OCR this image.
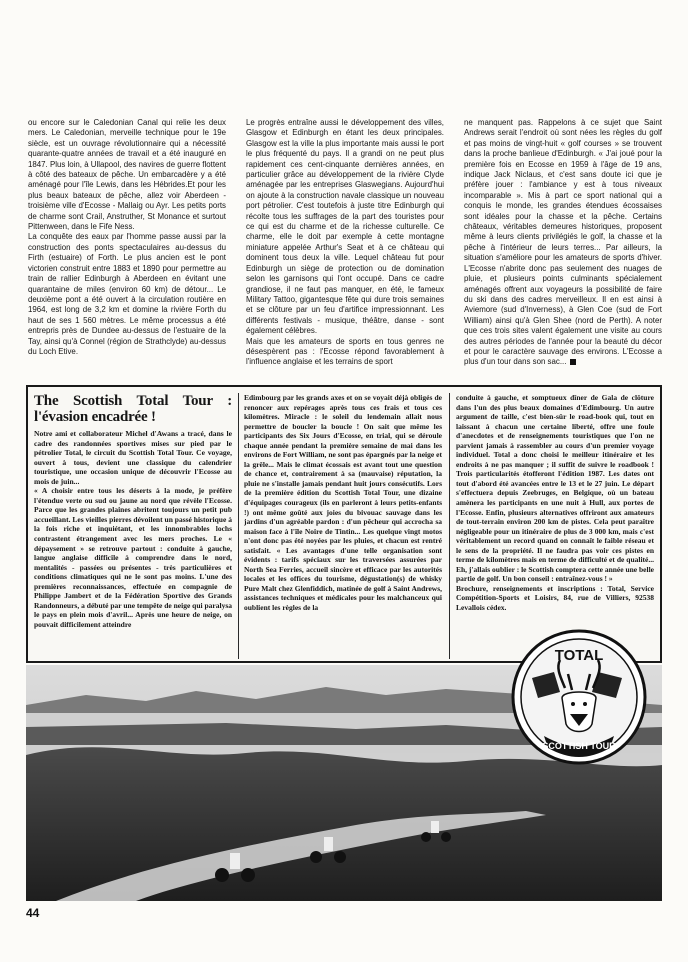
ou encore sur le Caledonian Canal qui relie les deux mers. Le Caledonian, merveille technique pour le 19e siècle, est un ouvrage révolutionnaire qui a nécessité quarante-quatre années de travail et a été inauguré en 1847. Plus loin, à Ullapool, des navires de guerre flottent à côté des bateaux de pêche. Un embarcadère y a été aménagé pour l'île Lewis, dans les Hébrides.Et pour les plus beaux bateaux de pêche, allez voir Aberdeen - troisième ville d'Ecosse - Mallaig ou Ayr. Les petits ports de charme sont Crail, Anstruther, St Monance et surtout Pittenween, dans le Fife Ness.

La conquête des eaux par l'homme passe aussi par la construction des ponts spectaculaires au-dessus du Firth (estuaire) of Forth. Le plus ancien est le pont victorien construit entre 1883 et 1890 pour permettre au train de rallier Edinburgh à Aberdeen en évitant une quarantaine de miles (environ 60 km) de détour... Le deuxième pont a été ouvert à la circulation routière en 1964, est long de 3,2 km et domine la rivière Forth du haut de ses 1 560 mètres. Le même processus a été entrepris près de Dundee au-dessus de l'estuaire de la Tay, ainsi qu'à Connel (région de Strathclyde) au-dessus du Loch Etive.

Le progrès entraîne aussi le développement des villes, Glasgow et Edinburgh en étant les deux principales. Glasgow est la ville la plus importante mais aussi le port le plus fréquenté du pays. Il a grandi on ne peut plus rapidement ces cent-cinquante dernières années, en particulier grâce au développement de la rivière Clyde aménagée par les entreprises Glaswegians. Aujourd'hui on ajoute à la construction navale classique un nouveau port pétrolier. C'est toutefois à juste titre Edinburgh qui récolte tous les suffrages de la part des touristes pour ce qui est du charme et de la richesse culturelle. Ce charme, elle le doit par exemple à cette montagne miniature appelée Arthur's Seat et à ce château qui dominent tous deux la ville. Lequel château fut pour Edinburgh un siège de protection ou de domination selon les garnisons qui l'ont occupé. Dans ce cadre grandiose, il ne faut pas manquer, en été, le fameux Military Tattoo, gigantesque fête qui dure trois semaines et se clôture par un feu d'artifice impressionnant. Les différents festivals - musique, théâtre, danse - sont également célèbres.

Mais que les amateurs de sports en tous genres ne désespèrent pas : l'Ecosse répond favorablement à l'influence anglaise et les terrains de sport

ne manquent pas. Rappelons à ce sujet que Saint Andrews serait l'endroit où sont nées les règles du golf et pas moins de vingt-huit « golf courses » se trouvent dans la proche banlieue d'Edinburgh. « J'ai joué pour la première fois en Ecosse en 1959 à l'âge de 19 ans, indique Jack Niclaus, et c'est sans doute ici que je préfère jouer : l'ambiance y est à tous niveaux incomparable ». Mis à part ce sport national qui a conquis le monde, les grandes étendues écossaises sont idéales pour la chasse et la pêche. Certains châteaux, véritables demeures historiques, proposent même à leurs clients privilégiés le golf, la chasse et la pêche à l'intérieur de leurs terres... Par ailleurs, la situation s'améliore pour les amateurs de sports d'hiver. L'Ecosse n'abrite donc pas seulement des nuages de pluie, et plusieurs points culminants spécialement aménagés offrent aux voyageurs la possibilité de faire du ski dans des cadres merveilleux. Il en est ainsi à Aviemore (sud d'Inverness), à Glen Coe (sud de Fort William) ainsi qu'à Glen Shee (nord de Perth). A noter que ces trois sites valent également une visite au cours des autres périodes de l'année pour la beauté du décor et pour le caractère sauvage des environs. L'Ecosse a plus d'un tour dans son sac...

The Scottish Total Tour : l'évasion encadrée !

Notre ami et collaborateur Michel d'Awans a tracé, dans le cadre des randonnées sportives mises sur pied par le pétrolier Total, le circuit du Scottish Total Tour. Ce voyage, ouvert à tous, devient une classique du calendrier touristique, une occasion unique de découvrir l'Ecosse au mois de juin...

« A choisir entre tous les déserts à la mode, je préfère l'étendue verte ou sud ou jaune au nord que révèle l'Ecosse. Parce que les grandes plaines abritent toujours un petit pub accueillant. Les vieilles pierres dévoilent un passé historique à la fois riche et inquiétant, et les innombrables lochs contrastent étrangement avec les mers proches. Le « dépaysement » se retrouve partout : conduite à gauche, langue anglaise difficile à comprendre dans le nord, mentalités - passées ou présentes - très particulières et conditions climatiques qui ne le sont pas moins. L'une des premières reconnaissances, effectuée en compagnie de Philippe Jambert et de la Fédération Sportive des Grands Randonneurs, a débuté par une tempête de neige qui paralysa le pays en plein mois d'avril... Après une heure de neige, on pouvait difficilement atteindre

Edimbourg par les grands axes et on se voyait déjà obligés de renoncer aux repérages après tous ces frais et tous ces kilomètres. Miracle : le soleil du lendemain allait nous permettre de boucler la boucle ! On sait que même les participants des Six Jours d'Ecosse, en trial, qui se déroule chaque année pendant la première semaine de mai dans les environs de Fort William, ne sont pas épargnés par la neige et la grêle... Mais le climat écossais est avant tout une question de chance et, contrairement à sa (mauvaise) réputation, la pluie ne s'installe jamais pendant huit jours consécutifs. Lors de la première édition du Scottish Total Tour, une dizaine d'équipages courageux (ils en parleront à leurs petits-enfants !) ont même goûté aux joies du bivouac sauvage dans les jardins d'un agréable pardon : d'un pêcheur qui accrocha sa maison face à l'île Noire de Tintin... Les quelque vingt motos n'ont donc pas été noyées par les pluies, et chacun est rentré satisfait. « Les avantages d'une telle organisation sont évidents : tarifs spéciaux sur les traversées assurées par North Sea Ferries, accueil sincère et efficace par les autorités locales et les offices du tourisme, dégustation(s) de whisky Pure Malt chez Glenfiddich, matinée de golf à Saint Andrews, assistances techniques et médicales pour les malchanceux qui oublient les règles de la

conduite à gauche, et somptueux dîner de Gala de clôture dans l'un des plus beaux domaines d'Edimbourg. Un autre argument de taille, c'est bien-sûr le road-book qui, tout en laissant à chacun une certaine liberté, offre une foule d'anecdotes et de renseignements touristiques que l'on ne parvient jamais à rassembler au cours d'un premier voyage individuel. Total a donc choisi le meilleur itinéraire et les endroits à ne pas manquer ; il suffit de suivre le roadbook ! Trois particularités étofferont l'édition 1987. Les dates ont tout d'abord été avancées entre le 13 et le 27 juin. Le départ s'effectuera depuis Zeebruges, en Belgique, où un bateau amènera les participants en une nuit à Hull, aux portes de l'Ecosse. Enfin, plusieurs alternatives offriront aux amateurs de tout-terrain environ 200 km de pistes. Cela peut paraître négligeable pour un itinéraire de plus de 3 000 km, mais c'est véritablement un record quand on connaît le faible réseau et le sens de la propriété. Il ne faudra pas voir ces pistes en terme de kilomètres mais en terme de difficulté et de qualité... Eh, j'allais oublier : le Scottish comptera cette année une belle partie de golf. Un bon conseil : entraînez-vous ! »

Brochure, renseignements et inscriptions : Total, Service Compétition-Sports et Loisirs, 84, rue de Villiers, 92538 Levallois cédex.

TOTAL
SCOTTISH TOUR
44
